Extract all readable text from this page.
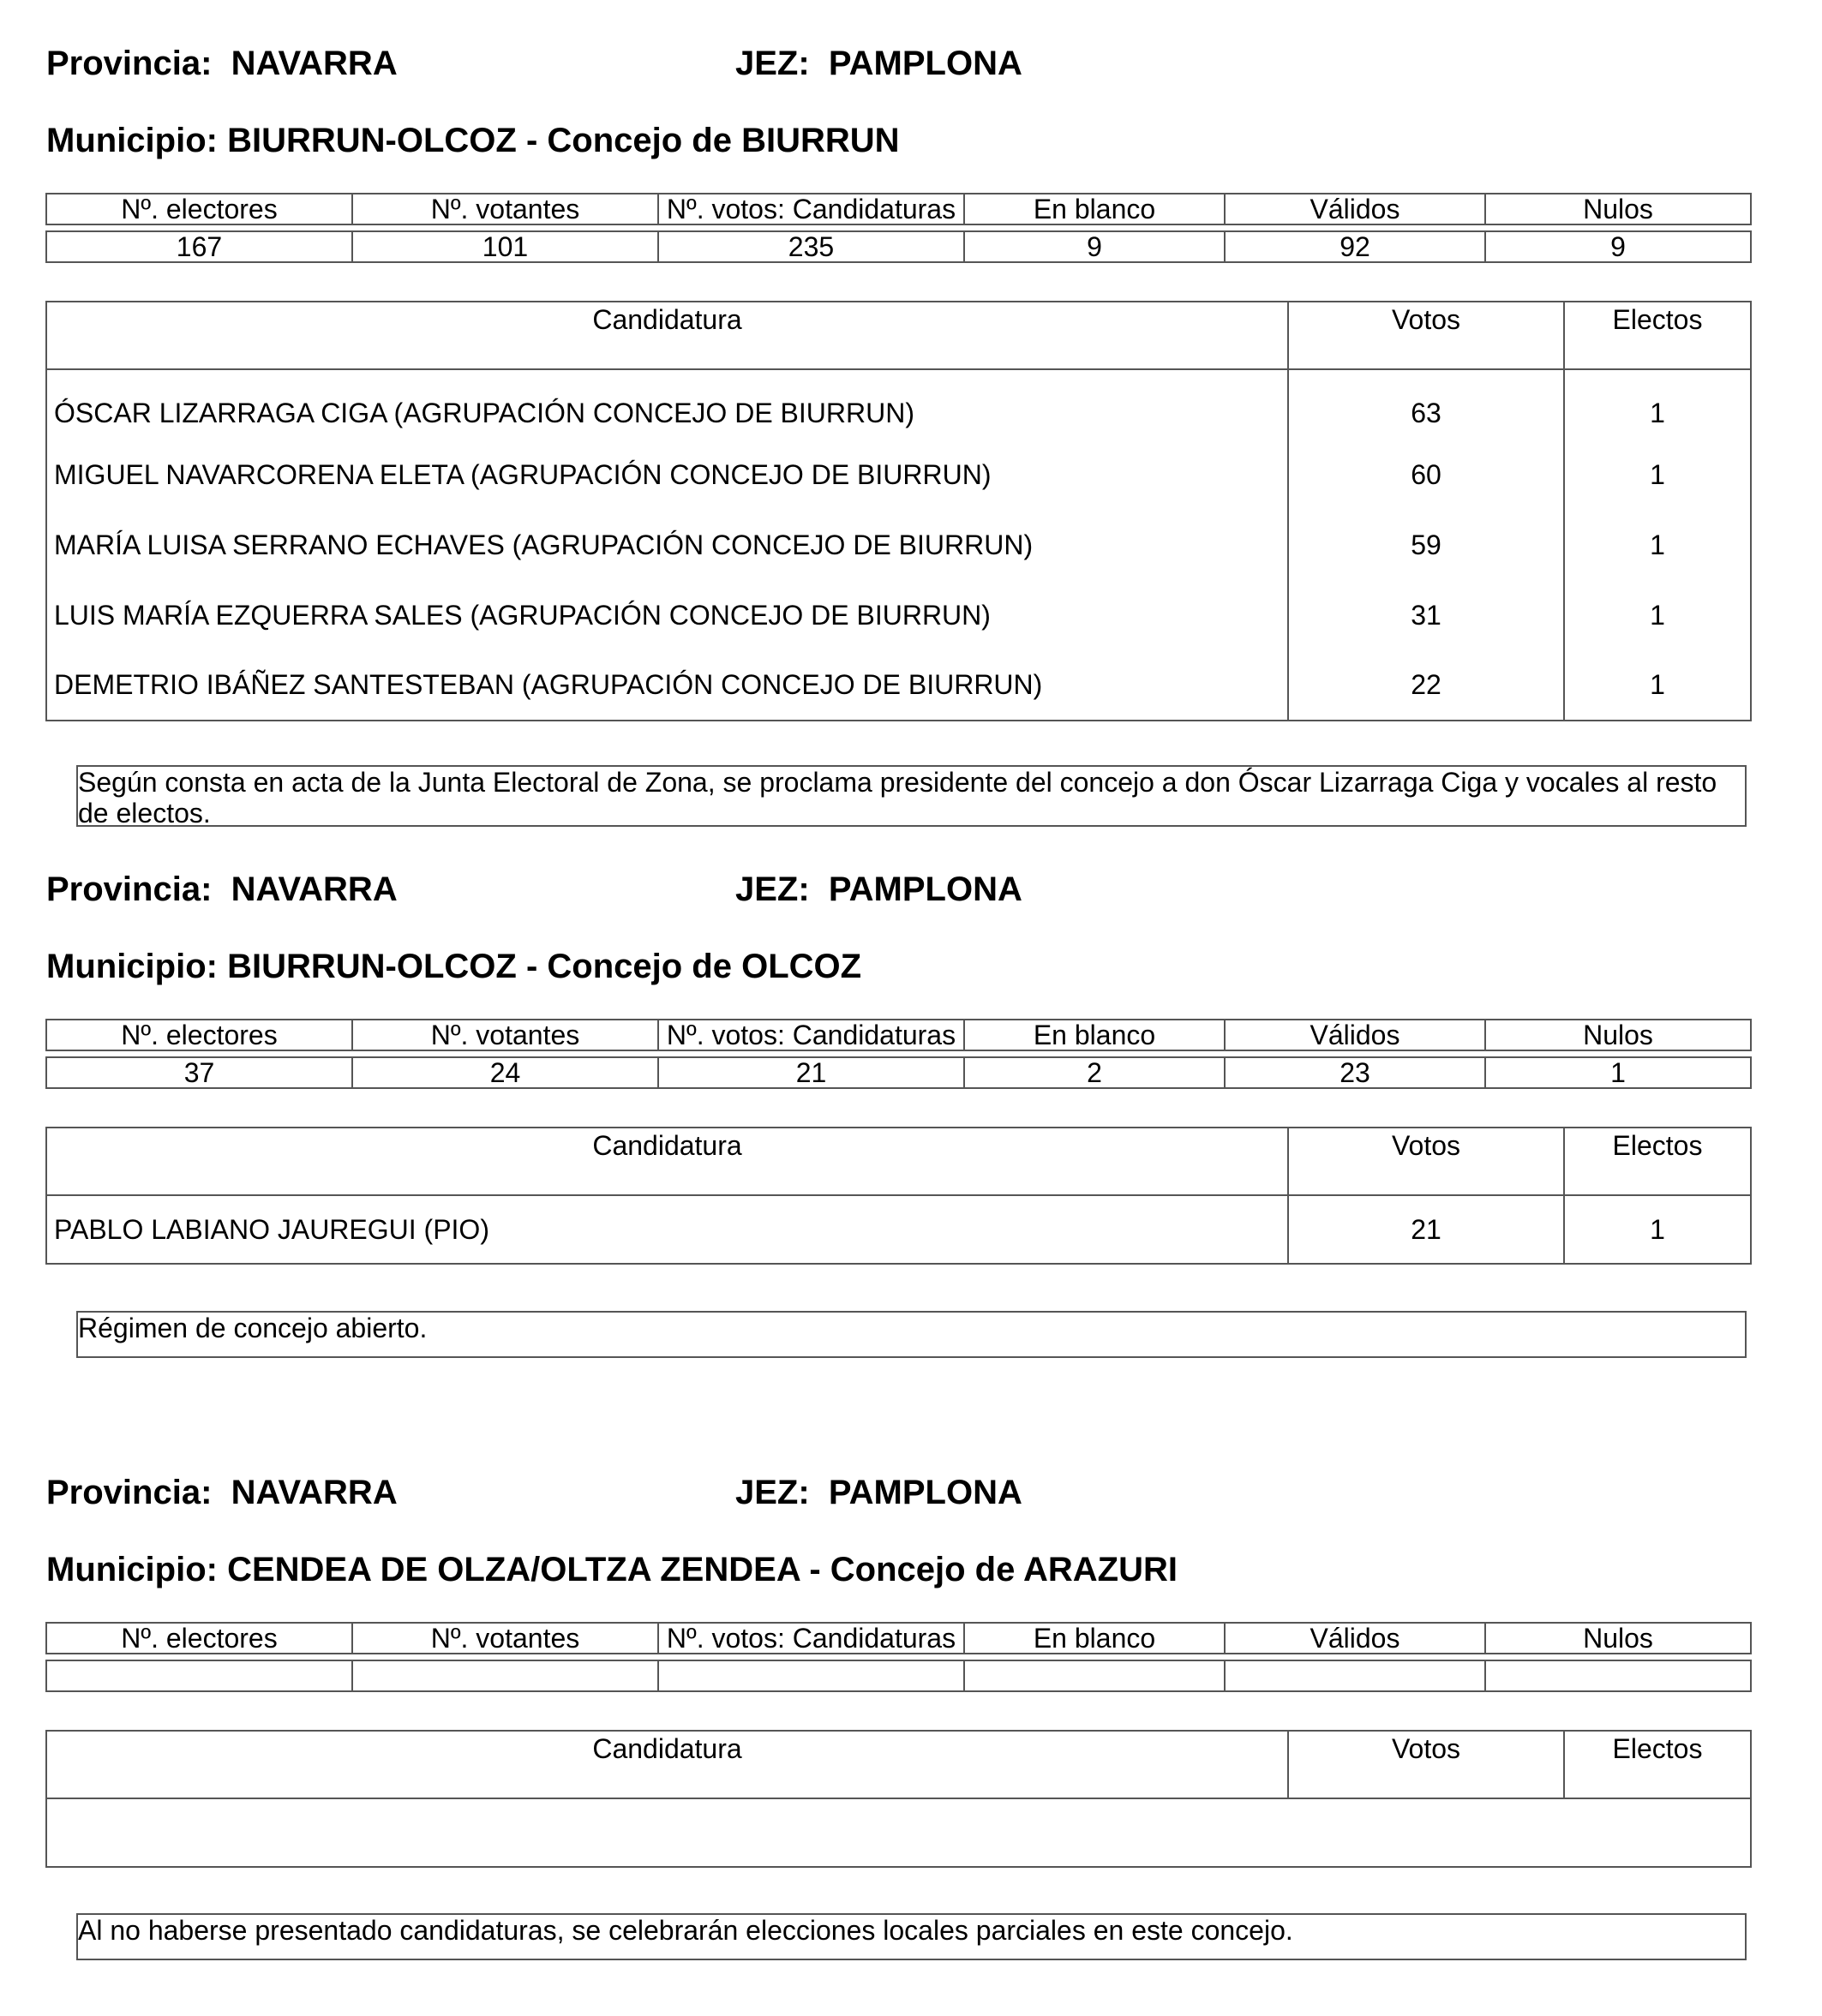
Provincia: NAVARRA	JEZ: PAMPLONA
Municipio: BIURRUN-OLCOZ - Concejo de BIURRUN
Nº. electores	Nº. votantes	Nº. votos: Candidaturas	En blanco	Válidos	Nulos

167	101	235	9	92	9
Candidatura	Votos	Electos
ÓSCAR LIZARRAGA CIGA (AGRUPACIÓN CONCEJO DE BIURRUN)	63	1
MIGUEL NAVARCORENA ELETA (AGRUPACIÓN CONCEJO DE BIURRUN)	60	1
MARÍA LUISA SERRANO ECHAVES (AGRUPACIÓN CONCEJO DE BIURRUN)	59	1
LUIS MARÍA EZQUERRA SALES (AGRUPACIÓN CONCEJO DE BIURRUN)	31	1
DEMETRIO IBÁÑEZ SANTESTEBAN (AGRUPACIÓN CONCEJO DE BIURRUN)	22	1
Según consta en acta de la Junta Electoral de Zona, se proclama presidente del concejo a don Óscar Lizarraga Ciga y vocales al resto de electos.
Provincia: NAVARRA	JEZ: PAMPLONA
Municipio: BIURRUN-OLCOZ - Concejo de OLCOZ
Nº. electores	Nº. votantes	Nº. votos: Candidaturas	En blanco	Válidos	Nulos

37	24	21	2	23	1
Candidatura	Votos	Electos
PABLO LABIANO JAUREGUI (PIO)	21	1
Régimen de concejo abierto.
Provincia: NAVARRA	JEZ: PAMPLONA
Municipio: CENDEA DE OLZA/OLTZA ZENDEA - Concejo de ARAZURI
Nº. electores	Nº. votantes	Nº. votos: Candidaturas	En blanco	Válidos	Nulos

Candidatura	Votos	Electos

Al no haberse presentado candidaturas, se celebrarán elecciones locales parciales en este concejo.
